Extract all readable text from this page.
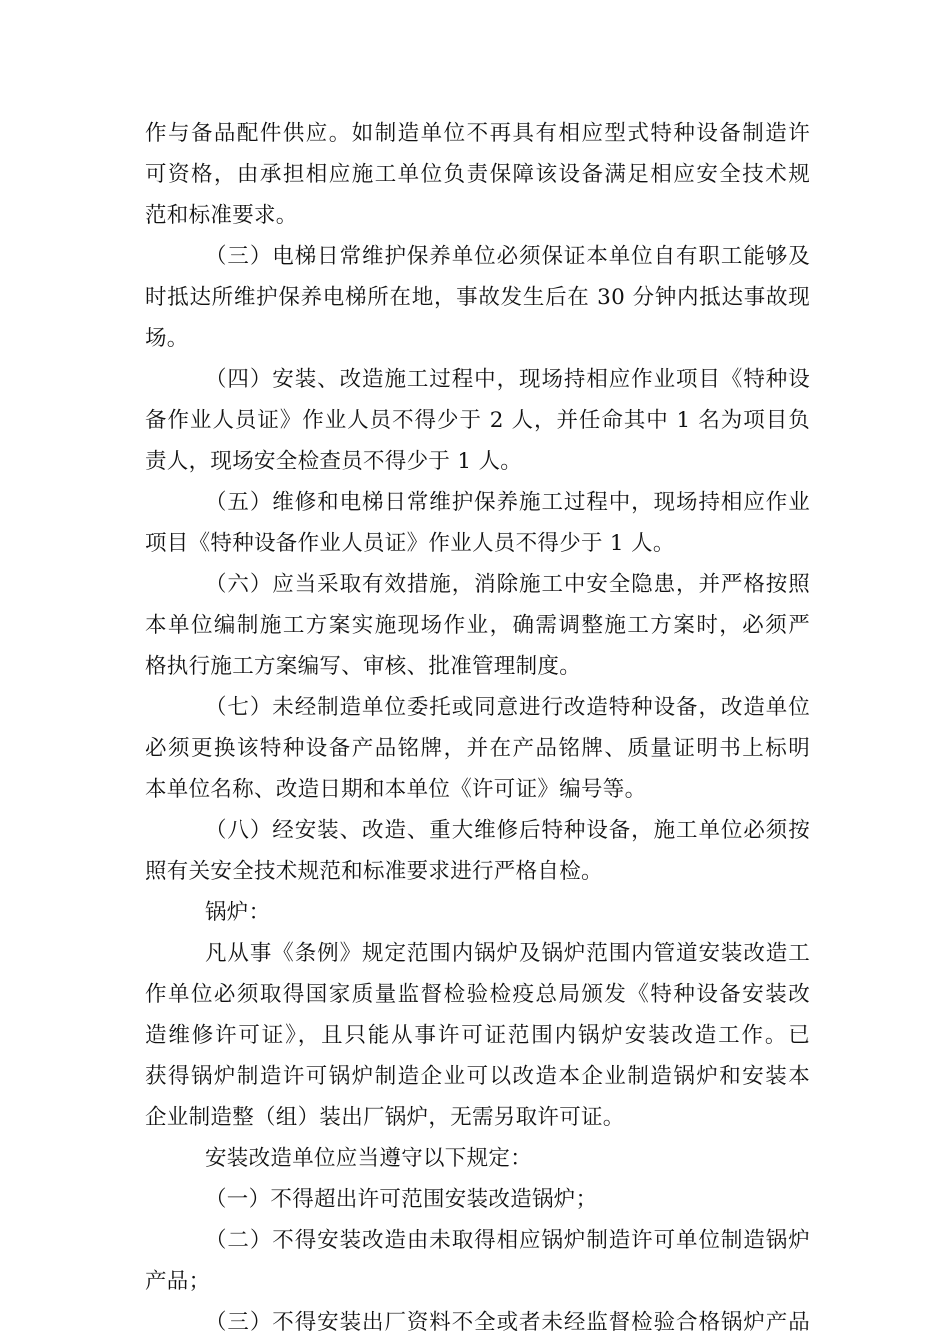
作与备品配件供应。如制造单位不再具有相应型式特种设备制造许
可资格，由承担相应施工单位负责保障该设备满足相应安全技术规
范和标准要求。
（三）电梯日常维护保养单位必须保证本单位自有职工能够及
时抵达所维护保养电梯所在地，事故发生后在 30 分钟内抵达事故现
场。
（四）安装、改造施工过程中，现场持相应作业项目《特种设
备作业人员证》作业人员不得少于 2 人，并任命其中 1 名为项目负
责人，现场安全检查员不得少于 1 人。
（五）维修和电梯日常维护保养施工过程中，现场持相应作业
项目《特种设备作业人员证》作业人员不得少于 1 人。
（六）应当采取有效措施，消除施工中安全隐患，并严格按照
本单位编制施工方案实施现场作业，确需调整施工方案时，必须严
格执行施工方案编写、审核、批准管理制度。
（七）未经制造单位委托或同意进行改造特种设备，改造单位
必须更换该特种设备产品铭牌，并在产品铭牌、质量证明书上标明
本单位名称、改造日期和本单位《许可证》编号等。
（八）经安装、改造、重大维修后特种设备，施工单位必须按
照有关安全技术规范和标准要求进行严格自检。
锅炉：
凡从事《条例》规定范围内锅炉及锅炉范围内管道安装改造工
作单位必须取得国家质量监督检验检疫总局颁发《特种设备安装改
造维修许可证》，且只能从事许可证范围内锅炉安装改造工作。已
获得锅炉制造许可锅炉制造企业可以改造本企业制造锅炉和安装本
企业制造整（组）装出厂锅炉，无需另取许可证。
安装改造单位应当遵守以下规定：
（一）不得超出许可范围安装改造锅炉；
（二）不得安装改造由未取得相应锅炉制造许可单位制造锅炉
产品；
（三）不得安装出厂资料不全或者未经监督检验合格锅炉产品
